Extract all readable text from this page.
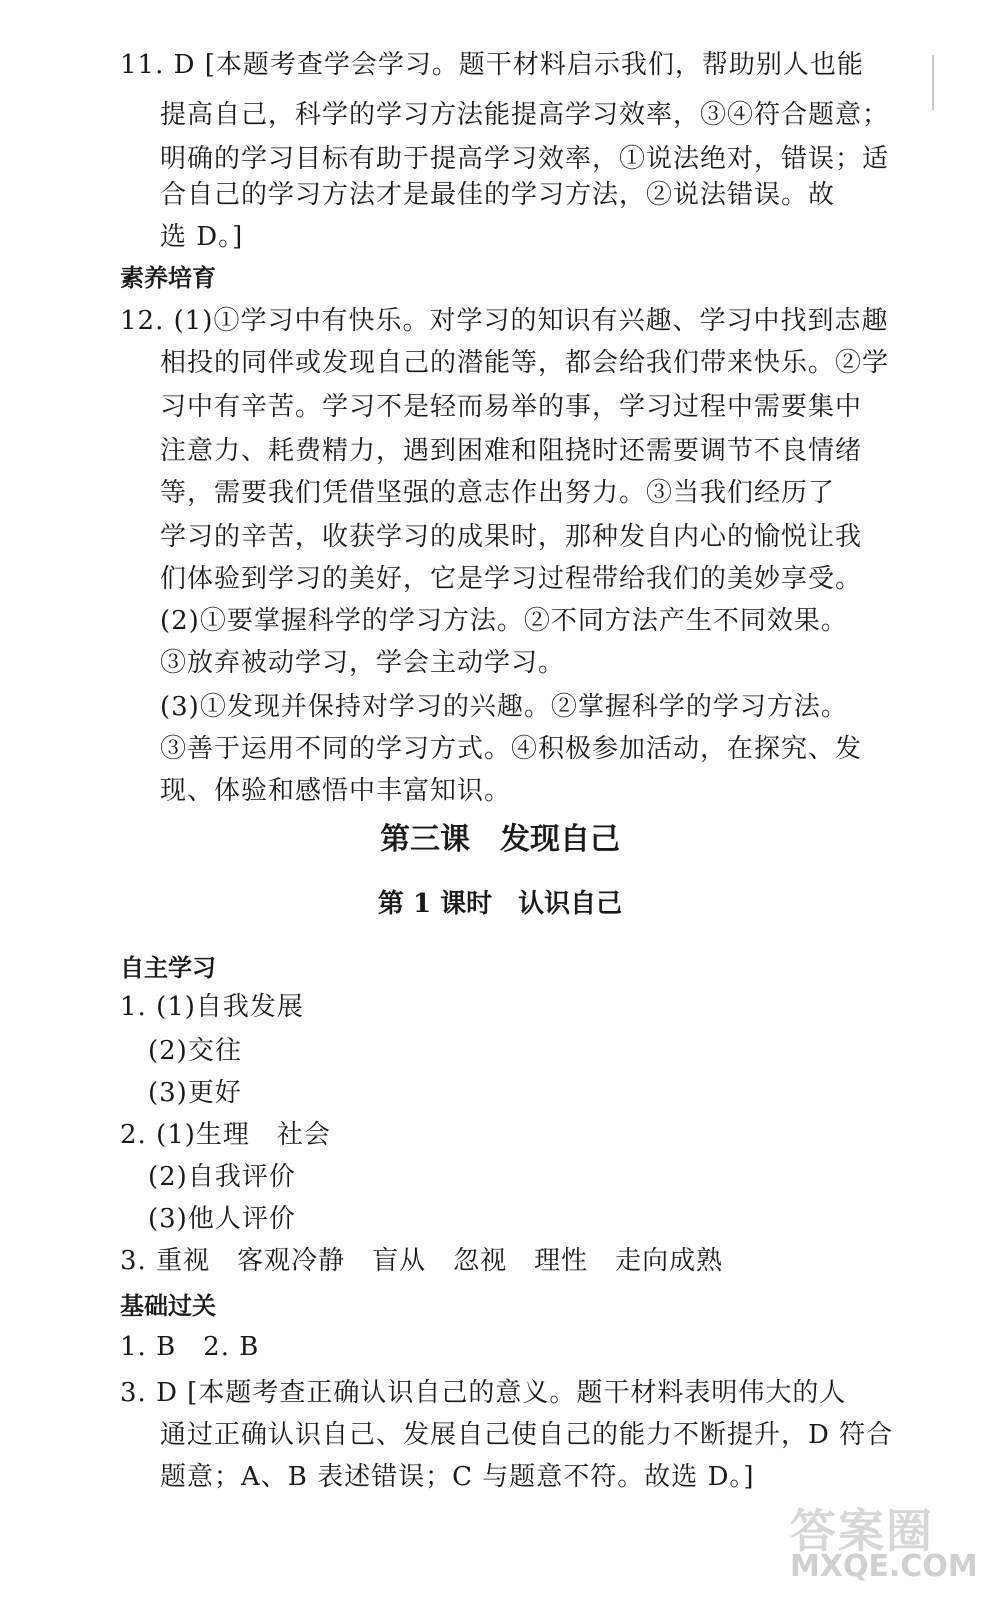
11. D [本题考查学会学习。题干材料启示我们，帮助别人也能
提高自己，科学的学习方法能提高学习效率，③④符合题意；
明确的学习目标有助于提高学习效率，①说法绝对，错误；适
合自己的学习方法才是最佳的学习方法，②说法错误。故
选 D。]
素养培育
12. (1)①学习中有快乐。对学习的知识有兴趣、学习中找到志趣
相投的同伴或发现自己的潜能等，都会给我们带来快乐。②学
习中有辛苦。学习不是轻而易举的事，学习过程中需要集中
注意力、耗费精力，遇到困难和阻挠时还需要调节不良情绪
等，需要我们凭借坚强的意志作出努力。③当我们经历了
学习的辛苦，收获学习的成果时，那种发自内心的愉悦让我
们体验到学习的美好，它是学习过程带给我们的美妙享受。
(2)①要掌握科学的学习方法。②不同方法产生不同效果。
③放弃被动学习，学会主动学习。
(3)①发现并保持对学习的兴趣。②掌握科学的学习方法。
③善于运用不同的学习方式。④积极参加活动，在探究、发
现、体验和感悟中丰富知识。
第三课　发现自己
第 1 课时　认识自己
自主学习
1. (1)自我发展
(2)交往
(3)更好
2. (1)生理　社会
(2)自我评价
(3)他人评价
3. 重视　客观冷静　盲从　忽视　理性　走向成熟
基础过关
1. B　2. B
3. D [本题考查正确认识自己的意义。题干材料表明伟大的人
通过正确认识自己、发展自己使自己的能力不断提升，D 符合
题意；A、B 表述错误；C 与题意不符。故选 D。]
答案圈
MXQE.COM
